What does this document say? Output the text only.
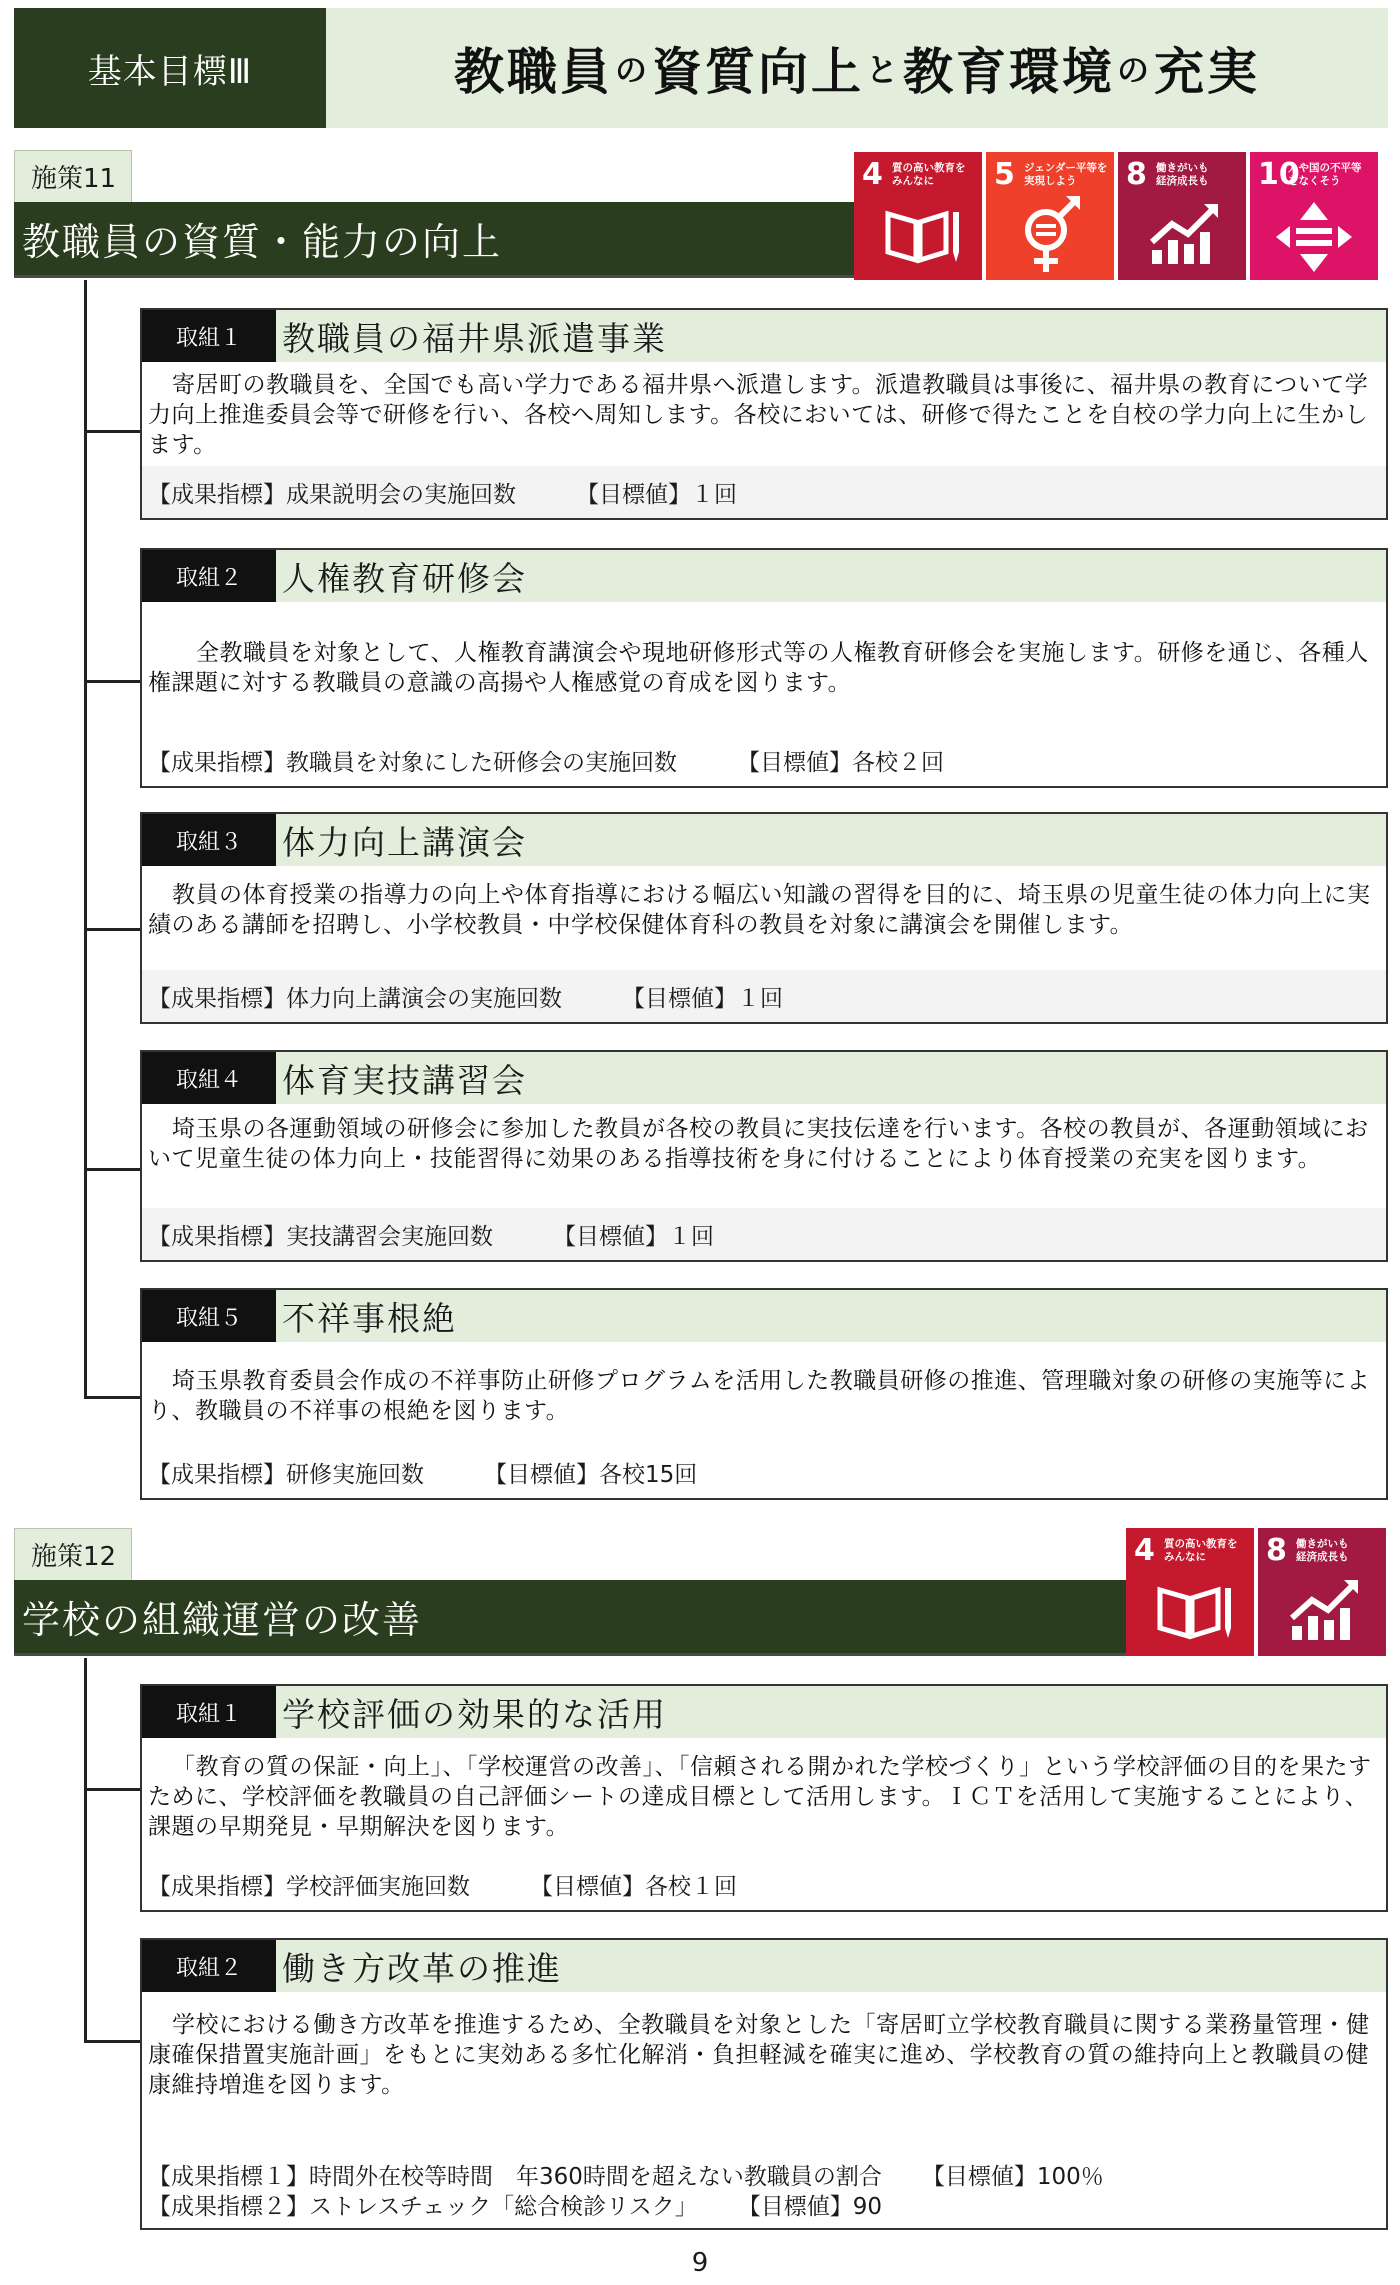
基本目標Ⅲ	教職員 の 資質向上 と 教育環境 の 充実
施策11
教職員の資質・能力の向上
4 質の高い教育を
みんなに	5 ジェンダー平等を
実現しよう	8 働きがいも
経済成長も	10
人や国の不平等
をなくそう
取組１	教職員の福井県派遣事業
寄居町の教職員を、全国でも高い学力である福井県へ派遣します。派遣教職員は事後に、福井県の教育について学力向上推進委員会等で研修を行い、各校へ周知します。各校においては、研修で得たことを自校の学力向上に生かします。
【成果指標】成果説明会の実施回数	【目標値】１回
取組２	人権教育研修会
全教職員を対象として、人権教育講演会や現地研修形式等の人権教育研修会を実施します。研修を通じ、各種人権課題に対する教職員の意識の高揚や人権感覚の育成を図ります。
【成果指標】教職員を対象にした研修会の実施回数	【目標値】各校２回
取組３	体力向上講演会
教員の体育授業の指導力の向上や体育指導における幅広い知識の習得を目的に、埼玉県の児童生徒の体力向上に実績のある講師を招聘し、小学校教員・中学校保健体育科の教員を対象に講演会を開催します。
【成果指標】体力向上講演会の実施回数	【目標値】１回
取組４	体育実技講習会
埼玉県の各運動領域の研修会に参加した教員が各校の教員に実技伝達を行います。各校の教員が、各運動領域において児童生徒の体力向上・技能習得に効果のある指導技術を身に付けることにより体育授業の充実を図ります。
【成果指標】実技講習会実施回数	【目標値】１回
取組５	不祥事根絶
埼玉県教育委員会作成の不祥事防止研修プログラムを活用した教職員研修の推進、管理職対象の研修の実施等により、教職員の不祥事の根絶を図ります。
【成果指標】研修実施回数	【目標値】各校15回
施策12
学校の組織運営の改善
4 質の高い教育を
みんなに	8 働きがいも
経済成長も
取組１	学校評価の効果的な活用
「教育の質の保証・向上」、「学校運営の改善」、「信頼される開かれた学校づくり」という学校評価の目的を果たすために、学校評価を教職員の自己評価シートの達成目標として活用します。ＩＣＴを活用して実施することにより、課題の早期発見・早期解決を図ります。
【成果指標】学校評価実施回数	【目標値】各校１回
取組２	働き方改革の推進
学校における働き方改革を推進するため、全教職員を対象とした「寄居町立学校教育職員に関する業務量管理・健康確保措置実施計画」をもとに実効ある多忙化解消・負担軽減を確実に進め、学校教育の質の維持向上と教職員の健康維持増進を図ります。
【成果指標１】時間外在校等時間　年360時間を超えない教職員の割合 【目標値】100％
【成果指標２】ストレスチェック「総合検診リスク」 【目標値】90
9
